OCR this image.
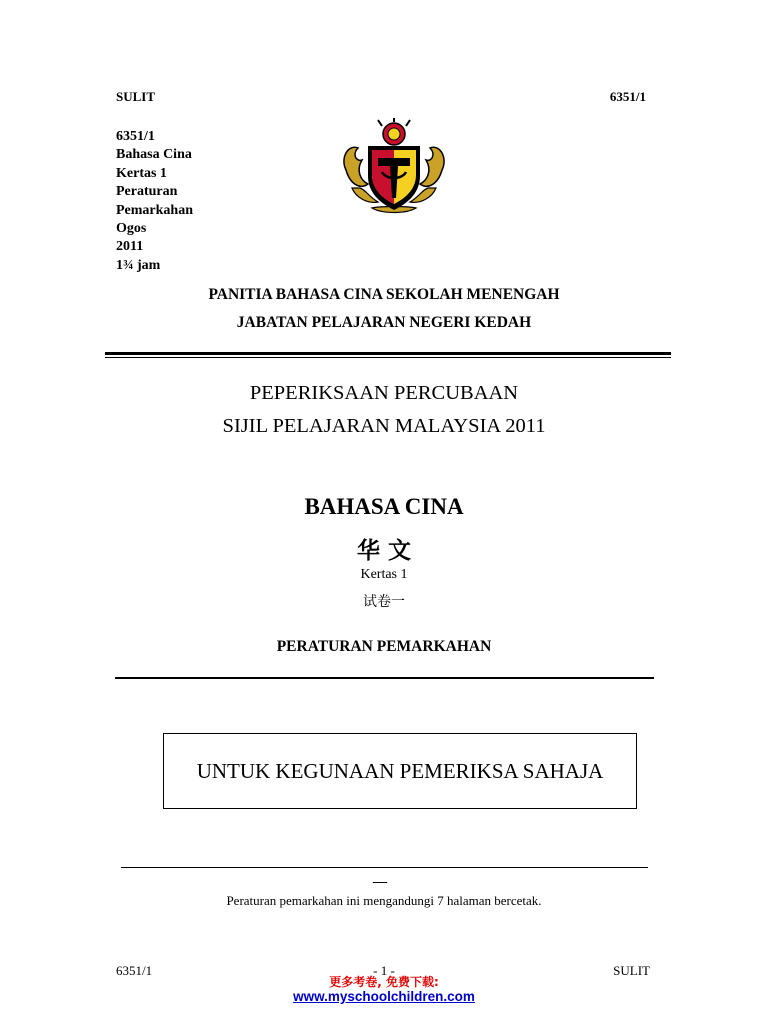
SULIT	6351/1
6351/1
Bahasa Cina
Kertas 1
Peraturan
Pemarkahan
Ogos
2011
1¾ jam
PANITIA BAHASA CINA SEKOLAH MENENGAH
JABATAN PELAJARAN NEGERI KEDAH
PEPERIKSAAN PERCUBAAN
SIJIL PELAJARAN MALAYSIA 2011
BAHASA CINA
华 文
Kertas 1
试卷一
PERATURAN PEMARKAHAN
UNTUK KEGUNAAN PEMERIKSA SAHAJA
__
Peraturan pemarkahan ini mengandungi 7 halaman bercetak.
6351/1	- 1 -	SULIT
更多考卷, 免费下载:
www.myschoolchildren.com
